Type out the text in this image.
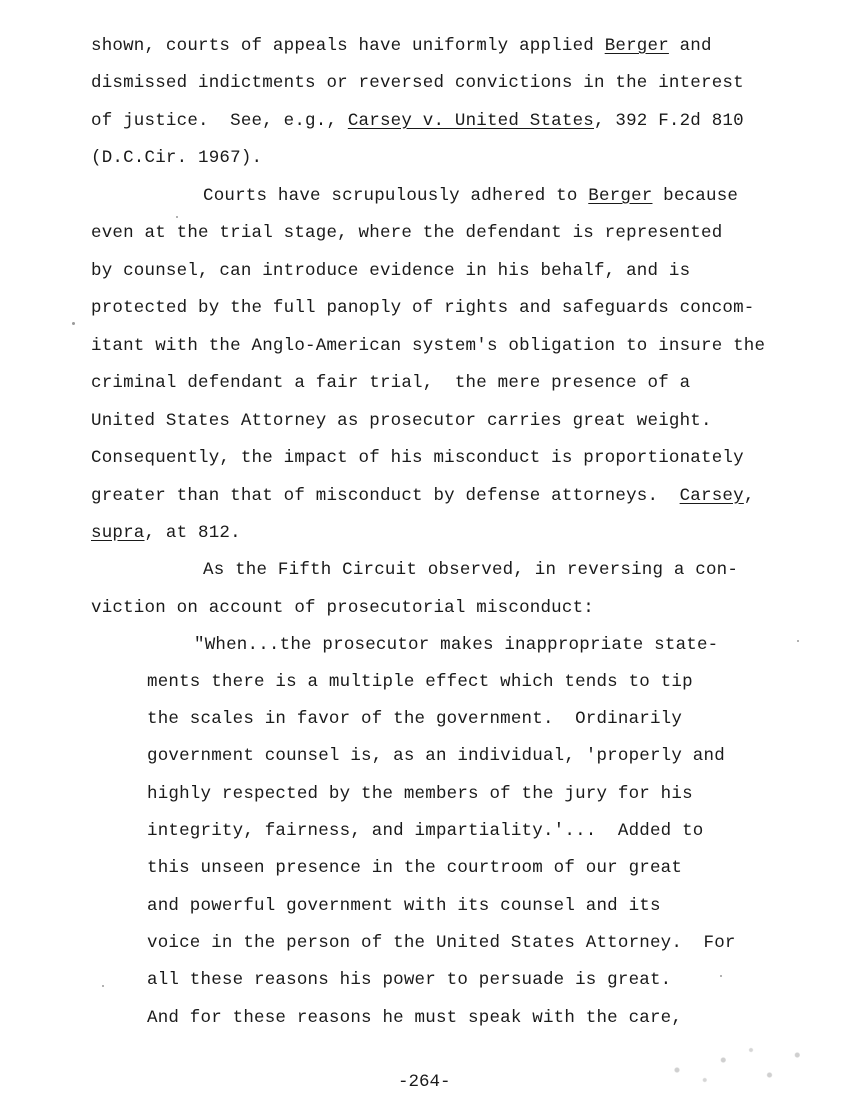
shown, courts of appeals have uniformly applied Berger and
dismissed indictments or reversed convictions in the interest
of justice.  See, e.g., Carsey v. United States, 392 F.2d 810
(D.C.Cir. 1967).
Courts have scrupulously adhered to Berger because
even at the trial stage, where the defendant is represented
by counsel, can introduce evidence in his behalf, and is
protected by the full panoply of rights and safeguards concom-
itant with the Anglo-American system's obligation to insure the
criminal defendant a fair trial,  the mere presence of a
United States Attorney as prosecutor carries great weight.
Consequently, the impact of his misconduct is proportionately
greater than that of misconduct by defense attorneys.  Carsey,
supra, at 812.
As the Fifth Circuit observed, in reversing a con-
viction on account of prosecutorial misconduct:
"When...the prosecutor makes inappropriate state-
ments there is a multiple effect which tends to tip
the scales in favor of the government.  Ordinarily
government counsel is, as an individual, 'properly and
highly respected by the members of the jury for his
integrity, fairness, and impartiality.'...  Added to
this unseen presence in the courtroom of our great
and powerful government with its counsel and its
voice in the person of the United States Attorney.  For
all these reasons his power to persuade is great.
And for these reasons he must speak with the care,
-264-
